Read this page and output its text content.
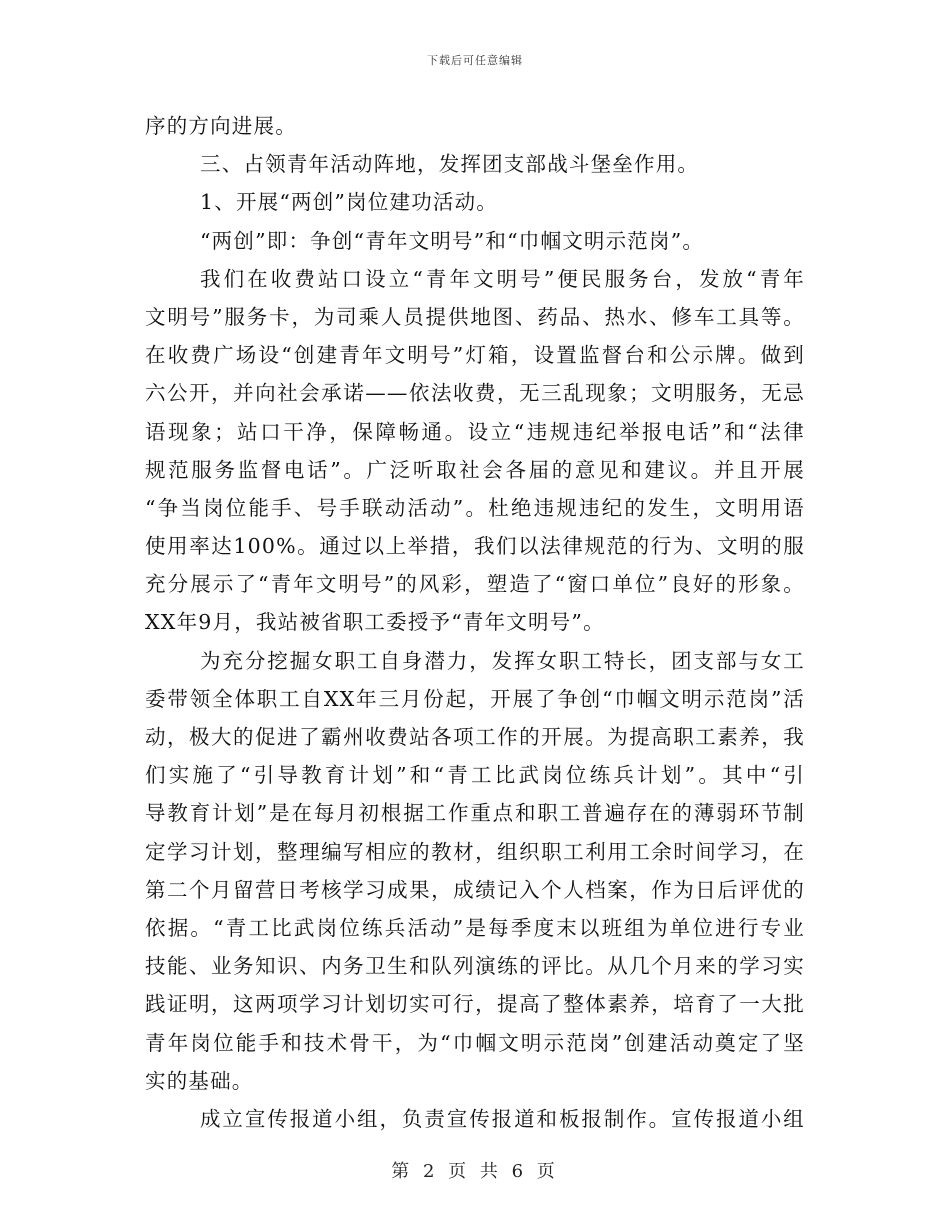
下载后可任意编辑
序的方向进展。
三、占领青年活动阵地，发挥团支部战斗堡垒作用。
1、开展“两创”岗位建功活动。
“两创”即：争创“青年文明号”和“巾帼文明示范岗”。
我们在收费站口设立“青年文明号”便民服务台，发放“青年
文明号”服务卡，为司乘人员提供地图、药品、热水、修车工具等。
在收费广场设“创建青年文明号”灯箱，设置监督台和公示牌。做到
六公开，并向社会承诺——依法收费，无三乱现象；文明服务，无忌
语现象；站口干净，保障畅通。设立“违规违纪举报电话”和“法律
规范服务监督电话”。广泛听取社会各届的意见和建议。并且开展
“争当岗位能手、号手联动活动”。杜绝违规违纪的发生，文明用语
使用率达100%。通过以上举措，我们以法律规范的行为、文明的服
充分展示了“青年文明号”的风彩，塑造了“窗口单位”良好的形象。
XX年9月，我站被省职工委授予“青年文明号”。
为充分挖掘女职工自身潜力，发挥女职工特长，团支部与女工
委带领全体职工自XX年三月份起，开展了争创“巾帼文明示范岗”活
动，极大的促进了霸州收费站各项工作的开展。为提高职工素养，我
们实施了“引导教育计划”和“青工比武岗位练兵计划”。其中“引
导教育计划”是在每月初根据工作重点和职工普遍存在的薄弱环节制
定学习计划，整理编写相应的教材，组织职工利用工余时间学习，在
第二个月留营日考核学习成果，成绩记入个人档案，作为日后评优的
依据。“青工比武岗位练兵活动”是每季度末以班组为单位进行专业
技能、业务知识、内务卫生和队列演练的评比。从几个月来的学习实
践证明，这两项学习计划切实可行，提高了整体素养，培育了一大批
青年岗位能手和技术骨干，为“巾帼文明示范岗”创建活动奠定了坚
实的基础。
成立宣传报道小组，负责宣传报道和板报制作。宣传报道小组
第 2 页 共 6 页
